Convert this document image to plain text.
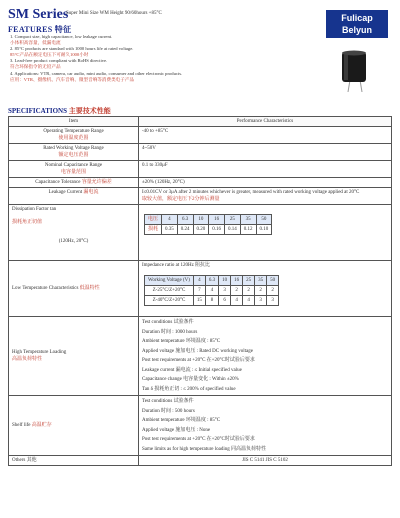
SM Series
Super Mini Size WM Height 90/60hours +85°C
FEATURES 特征
1. Compact size, high capacitance, low leakage current.
小体积高容量，低漏电流
2. 85°C products are standard with 1000 hours life at rated voltage.
85°C产品在额定电压下可耐久1000小时
3. Lead-free product compliant with RoHS directive.
符合环保指令的无铅产品
4. Applications: VTR, camera, car audio, mini audio, consumer and other electronic products.
应用：VTR、摄像机、汽车音响、微型音响等消费类电子产品
Fulicap
Belyun
SPECIFICATIONS 主要技术性能
Item	Performance Characteristics

Operating Temperature Range
使用温度范围
	-40 to +85°C

Rated Working Voltage Range
额定电压范围
	4~50V

Nominal Capacitance Range
电容量范围
	0.1 to 330μF
Capacitance Tolerance 容量允许偏差	±20% (120Hz, 20°C)
Leakage Current 漏电流	I≤0.01CV or 3μA after 2 minutes whichever is greater, measured with rated working voltage applied at 20°C
取较大值，额定电压下2分钟后测量

Dissipation Factor tan
损耗角正切值
(120Hz, 20°C)

电压	4	6.3	10	16	25	35	50
损耗	0.35	0.24	0.20	0.16	0.14	0.12	0.10

Low Temperature Characteristics 低温特性	
Impedance ratio at 120Hz 阻抗比
Working Voltage (V)	4	6.3	10	16	25	35	50
Z-25°C/Z+20°C	7	4	3	2	2	2	2
Z-40°C/Z+20°C	15	8	6	4	4	3	3

High Temperature Loading
高温负荷特性

Test conditions 试验条件
Duration 时间 : 1000 hours
Ambient temperature 环境温度 : 85°C
Applied voltage 施加电压 : Rated DC working voltage
Post test requirements at +20°C 在+20°C时试验后要求
Leakage current 漏电流 : ≤ Initial specified value
Capacitance change 电容量变化 : Within ±20%
Tan δ 损耗角正切 : ≤ 200% of specified value

Shelf life 高温贮存	
Test conditions 试验条件
Duration 时间 : 500 hours
Ambient temperature 环境温度 : 85°C
Applied voltage 施加电压 : None
Post test requirements at +20°C 在+20°C时试验后要求
Same limits as for high temperature loading 同高温负荷特性

Others 其他	JIS C 5141 JIS C 5102
